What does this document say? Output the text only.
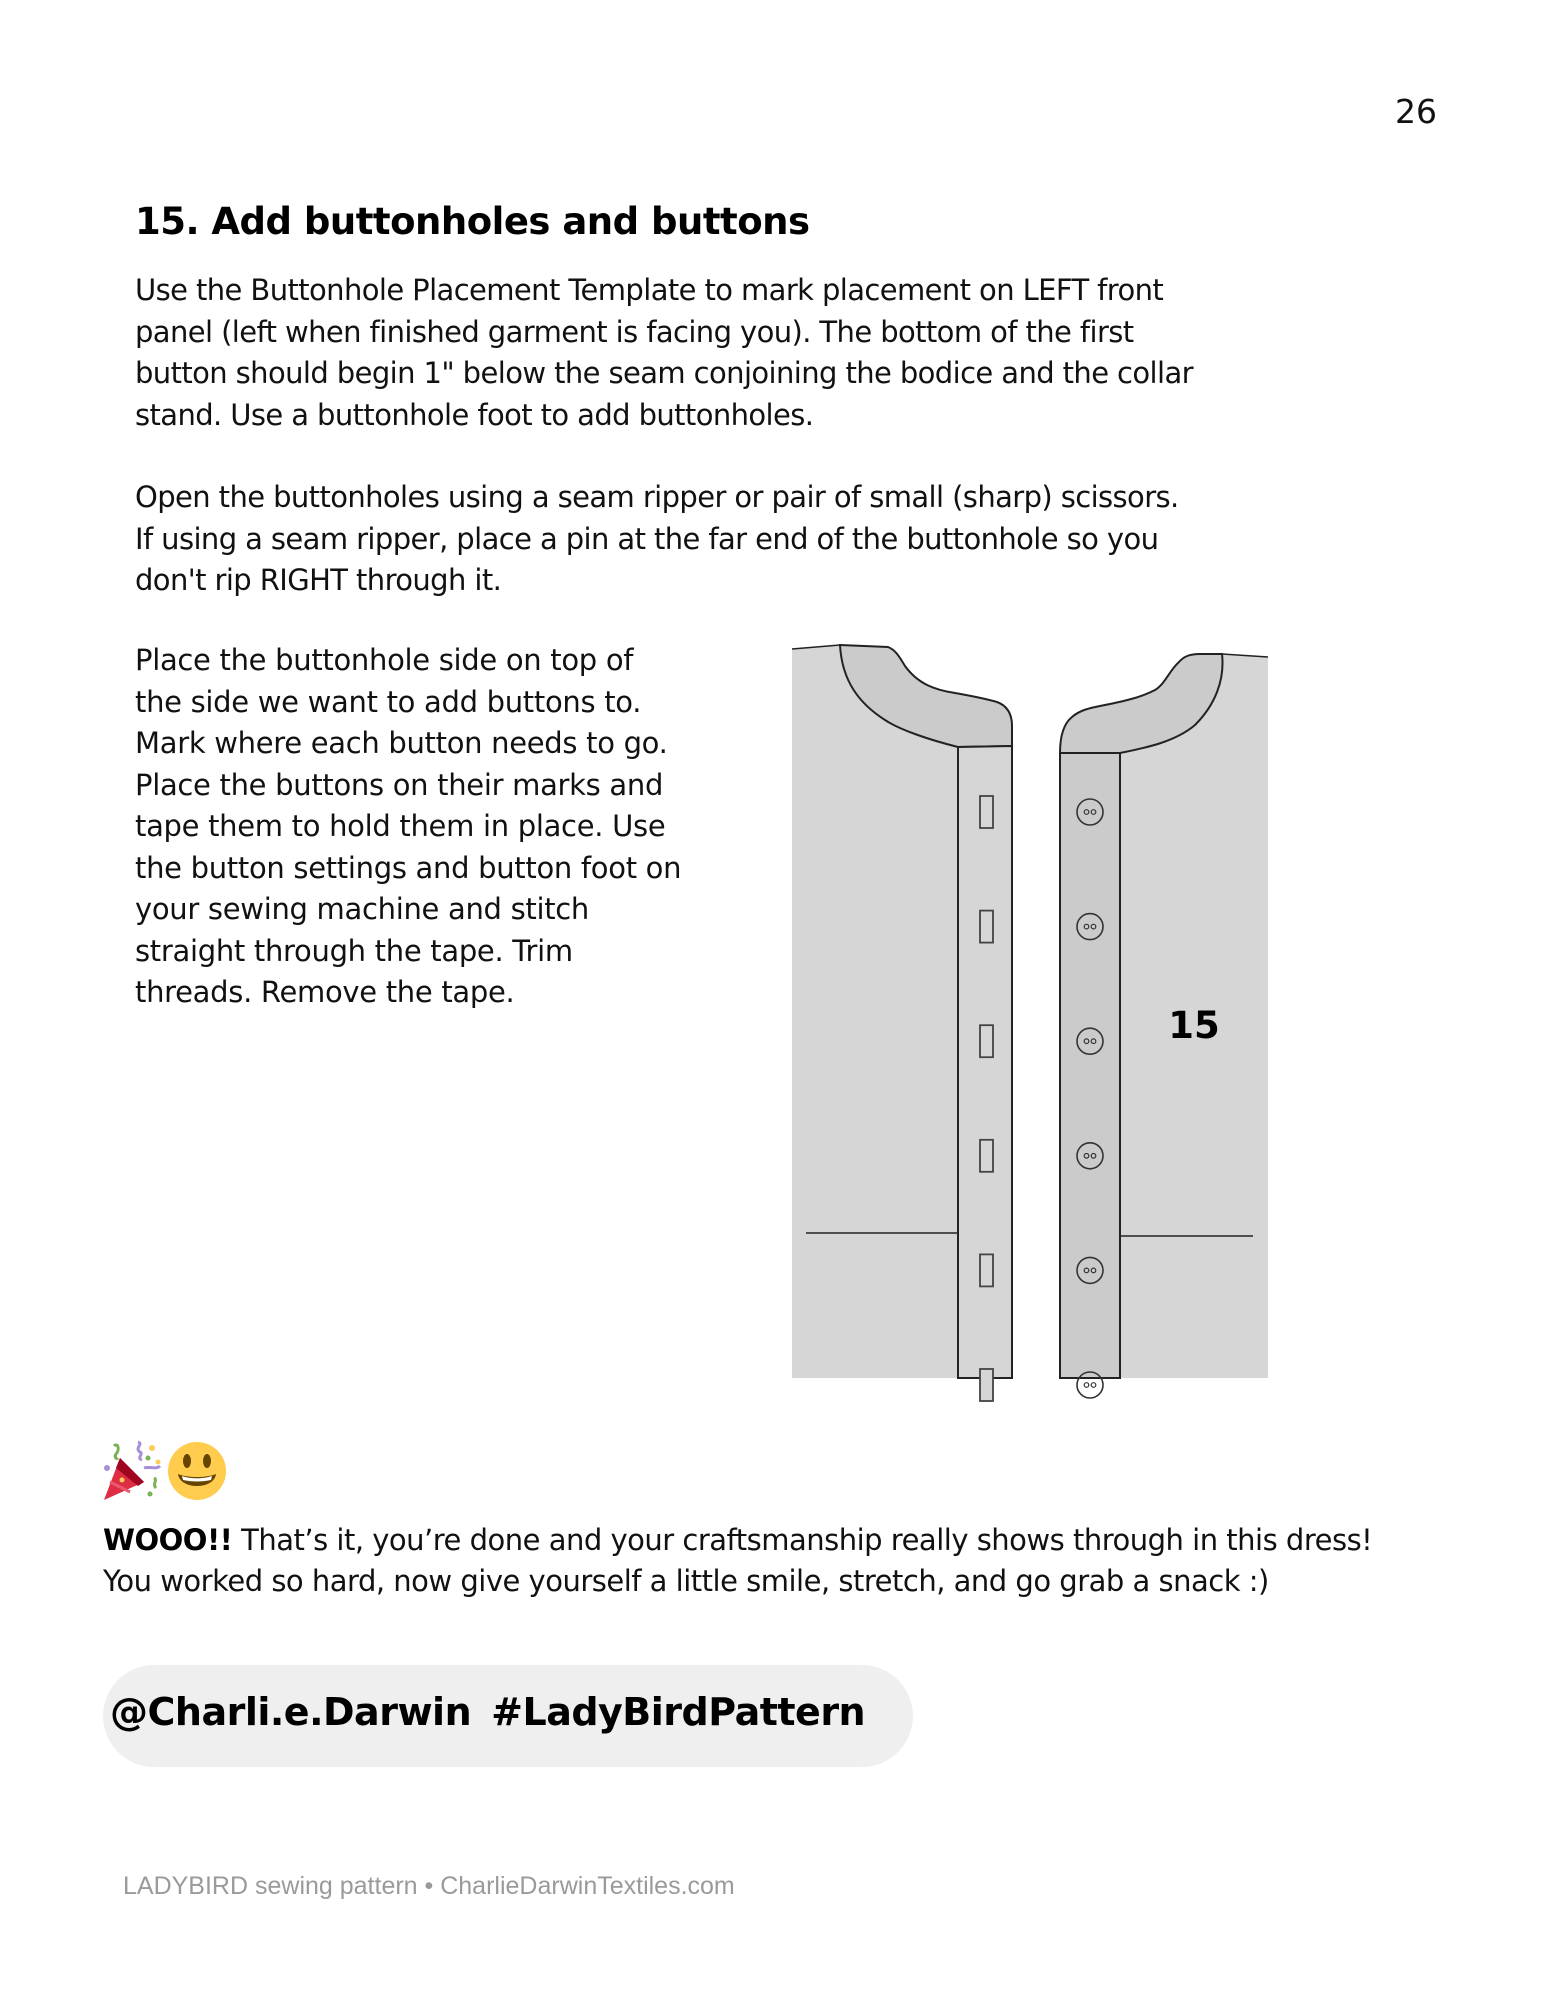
26
15. Add buttonholes and buttons

Use the Buttonhole Placement Template to mark placement on LEFT front
panel (left when finished garment is facing you). The bottom of the first
button should begin 1" below the seam conjoining the bodice and the collar
stand. Use a buttonhole foot to add buttonholes.

Open the buttonholes using a seam ripper or pair of small (sharp) scissors.
If using a seam ripper, place a pin at the far end of the buttonhole so you
don't rip RIGHT through it.

Place the buttonhole side on top of
the side we want to add buttons to.
Mark where each button needs to go.
Place the buttons on their marks and
tape them to hold them in place. Use
the button settings and button foot on
your sewing machine and stitch
straight through the tape. Trim
threads. Remove the tape.

15

WOOO!! That’s it, you’re done and your craftsmanship really shows through in this dress!
You worked so hard, now give yourself a little smile, stretch, and go grab a snack :)

@Charli.e.Darwin #LadyBirdPattern
LADYBIRD sewing pattern • CharlieDarwinTextiles.com
